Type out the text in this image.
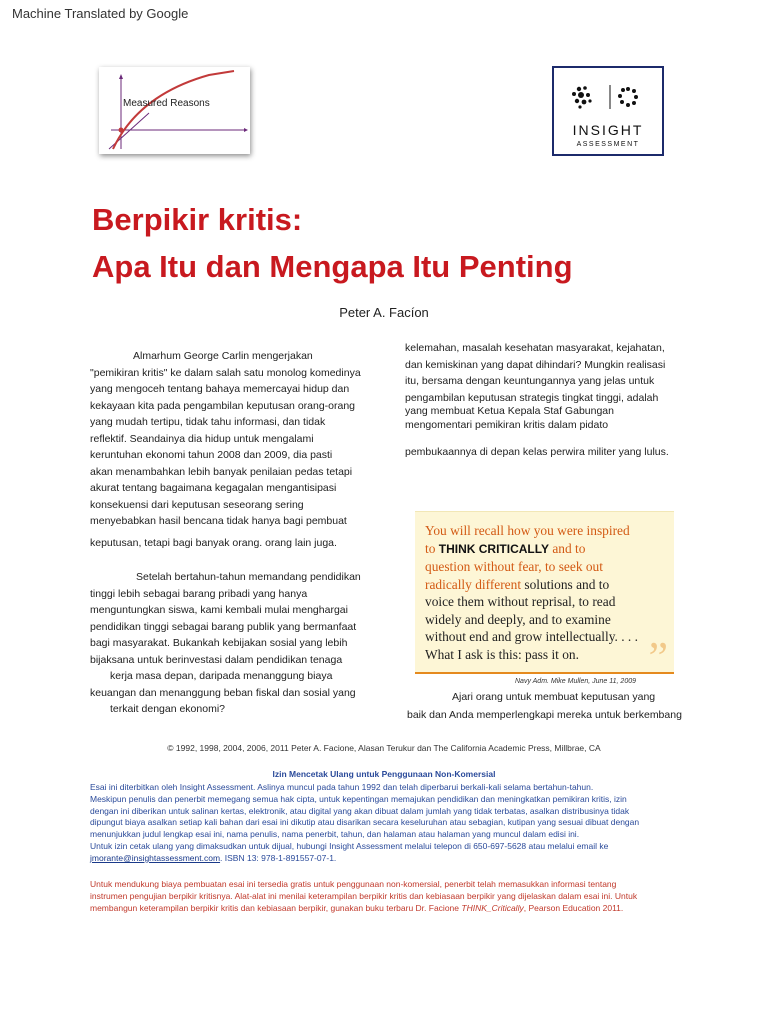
Machine Translated by Google
Measured Reasons
INSIGHT
ASSESSMENT
Berpikir kritis:
Apa Itu dan Mengapa Itu Penting
Peter A. Facíon

Almarhum George Carlin mengerjakan

"pemikiran kritis" ke dalam salah satu monolog komedinya

yang mengoceh tentang bahaya memercayai hidup dan

kekayaan kita pada pengambilan keputusan orang-orang

yang mudah tertipu, tidak tahu informasi, dan tidak

reflektif. Seandainya dia hidup untuk mengalami

keruntuhan ekonomi tahun 2008 dan 2009, dia pasti

akan menambahkan lebih banyak penilaian pedas tetapi

akurat tentang bagaimana kegagalan mengantisipasi

konsekuensi dari keputusan seseorang sering

menyebabkan hasil bencana tidak hanya bagi pembuat

keputusan, tetapi bagi banyak orang. orang lain juga.

Setelah bertahun-tahun memandang pendidikan

tinggi lebih sebagai barang pribadi yang hanya

menguntungkan siswa, kami kembali mulai menghargai

pendidikan tinggi sebagai barang publik yang bermanfaat

bagi masyarakat. Bukankah kebijakan sosial yang lebih

bijaksana untuk berinvestasi dalam pendidikan tenaga

kerja masa depan, daripada menanggung biaya

keuangan dan menanggung beban fiskal dan sosial yang

terkait dengan ekonomi?

kelemahan, masalah kesehatan masyarakat, kejahatan,

dan kemiskinan yang dapat dihindari? Mungkin realisasi

itu, bersama dengan keuntungannya yang jelas untuk

pengambilan keputusan strategis tingkat tinggi, adalah

yang membuat Ketua Kepala Staf Gabungan

mengomentari pemikiran kritis dalam pidato

pembukaannya di depan kelas perwira militer yang lulus.

You will recall how you were inspired
to THINK CRITICALLY and to
question without fear, to seek out
radically different solutions and to
voice them without reprisal, to read
widely and deeply, and to examine
without end and grow intellectually. . . .
What I ask is this: pass it on.	”
Navy Adm. Mike Mullen, June 11, 2009
Ajari orang untuk membuat keputusan yang
baik dan Anda memperlengkapi mereka untuk berkembang
© 1992, 1998, 2004, 2006, 2011 Peter A. Facione, Alasan Terukur dan The California Academic Press, Millbrae, CA
Izin Mencetak Ulang untuk Penggunaan Non-Komersial

Esai ini diterbitkan oleh Insight Assessment. Aslinya muncul pada tahun 1992 dan telah diperbarui berkali-kali selama bertahun-tahun.

Meskipun penulis dan penerbit memegang semua hak cipta, untuk kepentingan memajukan pendidikan dan meningkatkan pemikiran kritis, izin

dengan ini diberikan untuk salinan kertas, elektronik, atau digital yang akan dibuat dalam jumlah yang tidak terbatas, asalkan distribusinya tidak

dipungut biaya asalkan setiap kali bahan dari esai ini dikutip atau disarikan secara keseluruhan atau sebagian, kutipan yang sesuai dibuat dengan

menunjukkan judul lengkap esai ini, nama penulis, nama penerbit, tahun, dan halaman atau halaman yang muncul dalam edisi ini.

Untuk izin cetak ulang yang dimaksudkan untuk dijual, hubungi Insight Assessment melalui telepon di 650-697-5628 atau melalui email ke

jmorante@insightassessment.com. ISBN 13: 978-1-891557-07-1.

Untuk mendukung biaya pembuatan esai ini tersedia gratis untuk penggunaan non-komersial, penerbit telah memasukkan informasi tentang

instrumen pengujian berpikir kritisnya. Alat-alat ini menilai keterampilan berpikir kritis dan kebiasaan berpikir yang dijelaskan dalam esai ini. Untuk

membangun keterampilan berpikir kritis dan kebiasaan berpikir, gunakan buku terbaru Dr. Facione THINK_Critically, Pearson Education 2011.
